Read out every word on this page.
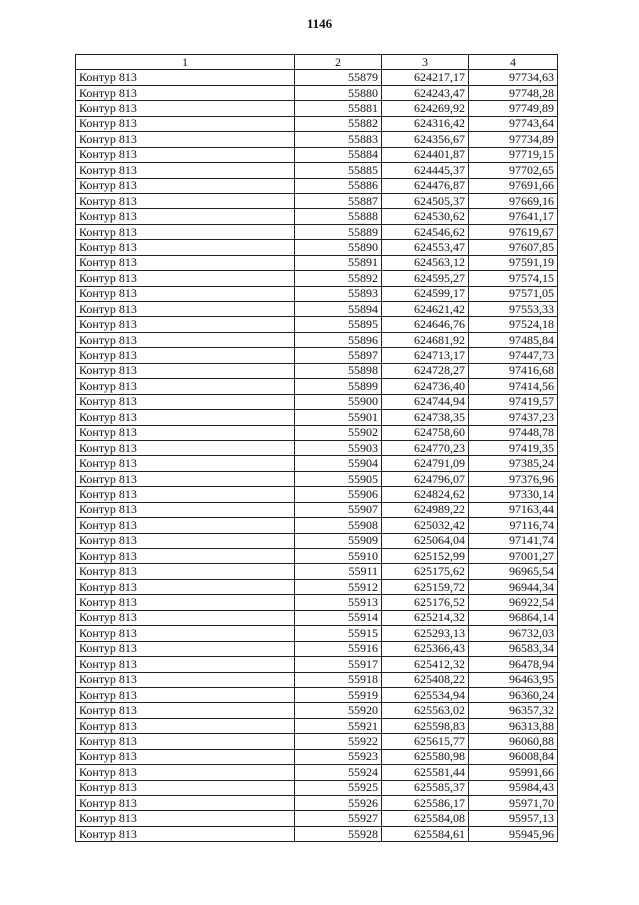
1146
1	2	3	4
Контур 813	55879	624217,17	97734,63
Контур 813	55880	624243,47	97748,28
Контур 813	55881	624269,92	97749,89
Контур 813	55882	624316,42	97743,64
Контур 813	55883	624356,67	97734,89
Контур 813	55884	624401,87	97719,15
Контур 813	55885	624445,37	97702,65
Контур 813	55886	624476,87	97691,66
Контур 813	55887	624505,37	97669,16
Контур 813	55888	624530,62	97641,17
Контур 813	55889	624546,62	97619,67
Контур 813	55890	624553,47	97607,85
Контур 813	55891	624563,12	97591,19
Контур 813	55892	624595,27	97574,15
Контур 813	55893	624599,17	97571,05
Контур 813	55894	624621,42	97553,33
Контур 813	55895	624646,76	97524,18
Контур 813	55896	624681,92	97485,84
Контур 813	55897	624713,17	97447,73
Контур 813	55898	624728,27	97416,68
Контур 813	55899	624736,40	97414,56
Контур 813	55900	624744,94	97419,57
Контур 813	55901	624738,35	97437,23
Контур 813	55902	624758,60	97448,78
Контур 813	55903	624770,23	97419,35
Контур 813	55904	624791,09	97385,24
Контур 813	55905	624796,07	97376,96
Контур 813	55906	624824,62	97330,14
Контур 813	55907	624989,22	97163,44
Контур 813	55908	625032,42	97116,74
Контур 813	55909	625064,04	97141,74
Контур 813	55910	625152,99	97001,27
Контур 813	55911	625175,62	96965,54
Контур 813	55912	625159,72	96944,34
Контур 813	55913	625176,52	96922,54
Контур 813	55914	625214,32	96864,14
Контур 813	55915	625293,13	96732,03
Контур 813	55916	625366,43	96583,34
Контур 813	55917	625412,32	96478,94
Контур 813	55918	625408,22	96463,95
Контур 813	55919	625534,94	96360,24
Контур 813	55920	625563,02	96357,32
Контур 813	55921	625598,83	96313,88
Контур 813	55922	625615,77	96060,88
Контур 813	55923	625580,98	96008,84
Контур 813	55924	625581,44	95991,66
Контур 813	55925	625585,37	95984,43
Контур 813	55926	625586,17	95971,70
Контур 813	55927	625584,08	95957,13
Контур 813	55928	625584,61	95945,96
